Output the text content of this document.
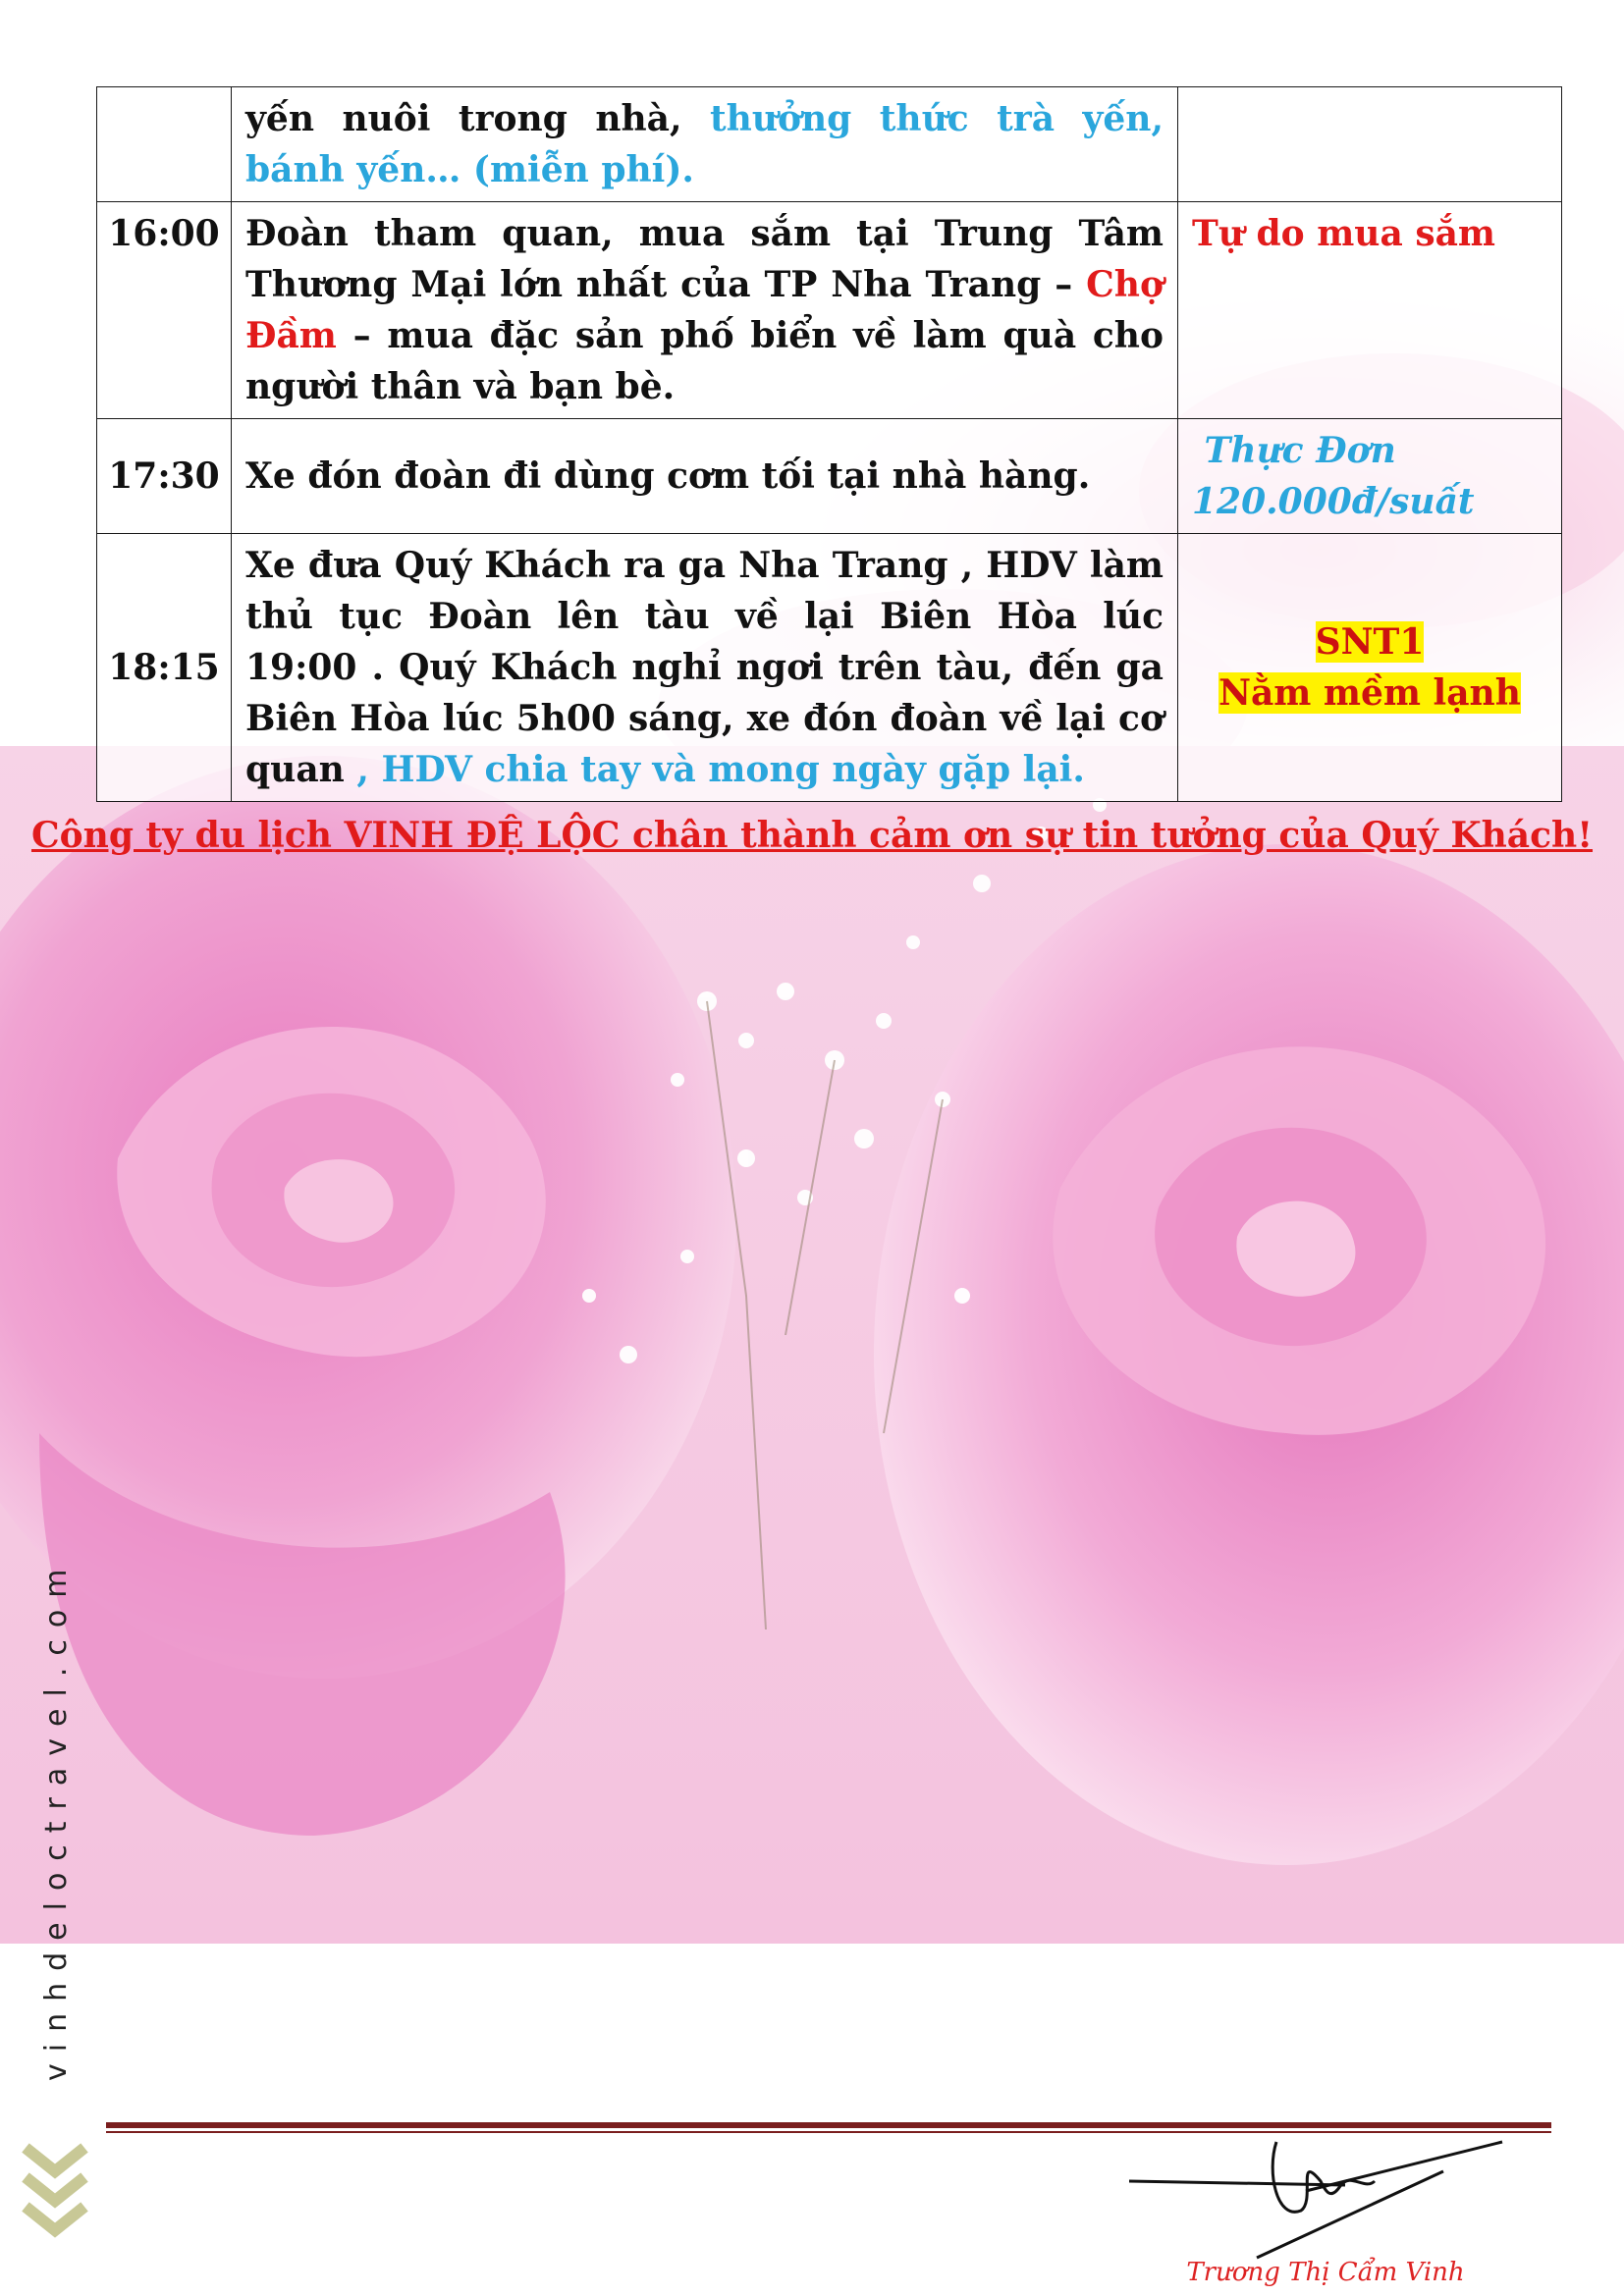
	yến nuôi trong nhà, thưởng thức trà yến, bánh yến… (miễn phí).	
16:00	Đoàn tham quan, mua sắm tại Trung Tâm Thương Mại lớn nhất của TP Nha Trang – Chợ Đầm – mua đặc sản phố biển về làm quà cho người thân và bạn bè.	Tự do mua sắm
17:30	Xe đón đoàn đi dùng cơm tối tại nhà hàng.	Thực Đơn
120.000đ/suất
18:15	Xe đưa Quý Khách ra ga Nha Trang , HDV làm thủ tục Đoàn lên tàu về lại Biên Hòa lúc 19:00 . Quý Khách nghỉ ngơi trên tàu, đến ga Biên Hòa lúc 5h00 sáng, xe đón đoàn về lại cơ quan , HDV chia tay và mong ngày gặp lại.	SNT1
Nằm mềm lạnh
Công ty du lịch VINH ĐỆ LỘC chân thành cảm ơn sự tin tưởng của Quý Khách!
vinhdeloctravel.com
Trương Thị Cẩm Vinh
